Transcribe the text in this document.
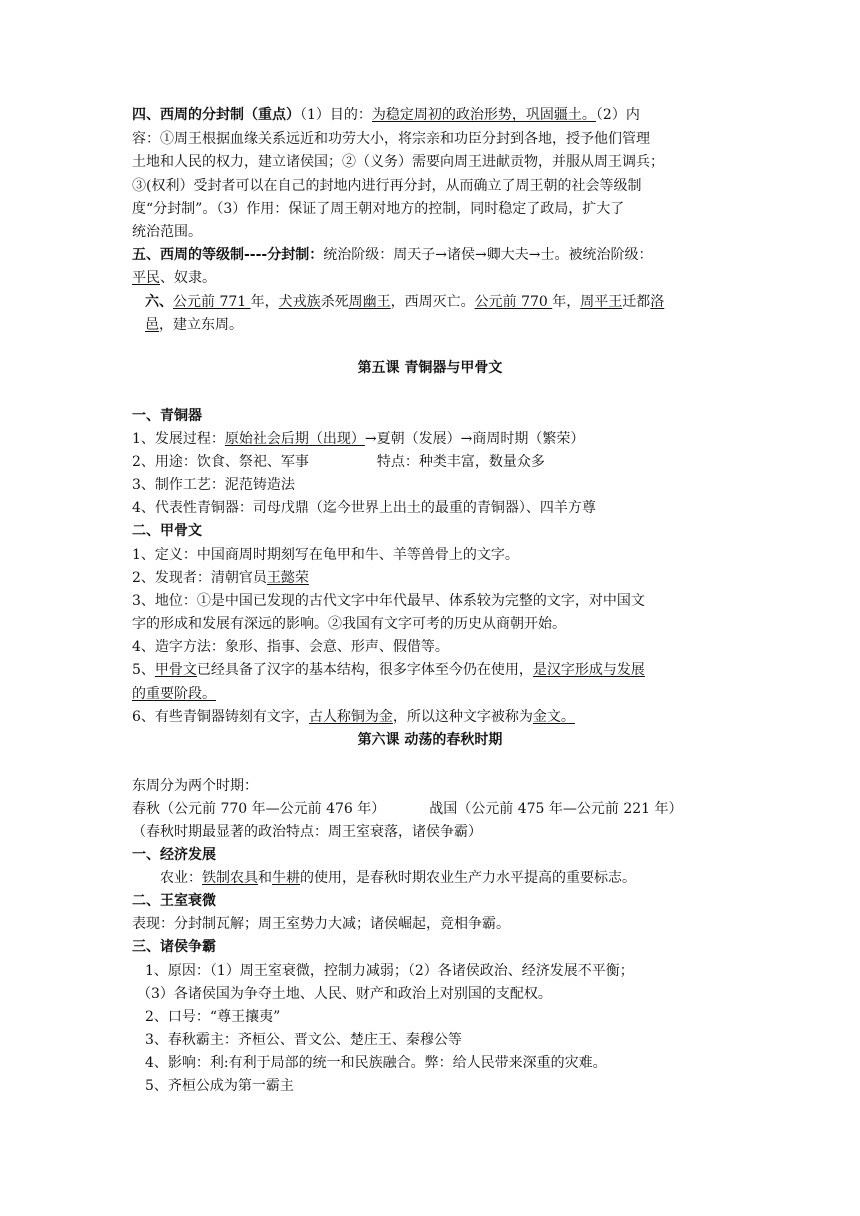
四、西周的分封制（重点）（1）目的：为稳定周初的政治形势，巩固疆土。（2）内
容：①周王根据血缘关系远近和功劳大小，将宗亲和功臣分封到各地，授予他们管理
土地和人民的权力，建立诸侯国；②（义务）需要向周王进献贡物，并服从周王调兵；
③(权利）受封者可以在自己的封地内进行再分封，从而确立了周王朝的社会等级制
度“分封制”。（3）作用：保证了周王朝对地方的控制，同时稳定了政局，扩大了
统治范围。
五、西周的等级制----分封制：统治阶级：周天子→诸侯→卿大夫→士。被统治阶级：
平民、奴隶。
六、公元前 771 年，犬戎族杀死周幽王，西周灭亡。公元前 770 年，周平王迁都洛
邑，建立东周。
第五课 青铜器与甲骨文
一、青铜器
1、发展过程：原始社会后期（出现）→夏朝（发展）→商周时期（繁荣）
2、用途：饮食、祭祀、军事	特点：种类丰富，数量众多
3、制作工艺：泥范铸造法
4、代表性青铜器：司母戊鼎（迄今世界上出土的最重的青铜器）、四羊方尊
二、甲骨文
1、定义：中国商周时期刻写在龟甲和牛、羊等兽骨上的文字。
2、发现者：清朝官员王懿荣
3、地位：①是中国已发现的古代文字中年代最早、体系较为完整的文字，对中国文
字的形成和发展有深远的影响。②我国有文字可考的历史从商朝开始。
4、造字方法：象形、指事、会意、形声、假借等。
5、甲骨文已经具备了汉字的基本结构，很多字体至今仍在使用，是汉字形成与发展
的重要阶段。
6、有些青铜器铸刻有文字，古人称铜为金，所以这种文字被称为金文。
第六课 动荡的春秋时期
东周分为两个时期：
春秋（公元前 770 年—公元前 476 年）	战国（公元前 475 年—公元前 221 年）
（春秋时期最显著的政治特点：周王室衰落，诸侯争霸）
一、经济发展
农业：铁制农具和牛耕的使用，是春秋时期农业生产力水平提高的重要标志。
二、王室衰微
表现：分封制瓦解；周王室势力大减；诸侯崛起，竞相争霸。
三、诸侯争霸
1、原因：（1）周王室衰微，控制力减弱；（2）各诸侯政治、经济发展不平衡；
（3）各诸侯国为争夺土地、人民、财产和政治上对别国的支配权。
2、口号：“尊王攘夷”
3、春秋霸主：齐桓公、晋文公、楚庄王、秦穆公等
4、影响：利:有利于局部的统一和民族融合。弊：给人民带来深重的灾难。
5、齐桓公成为第一霸主
